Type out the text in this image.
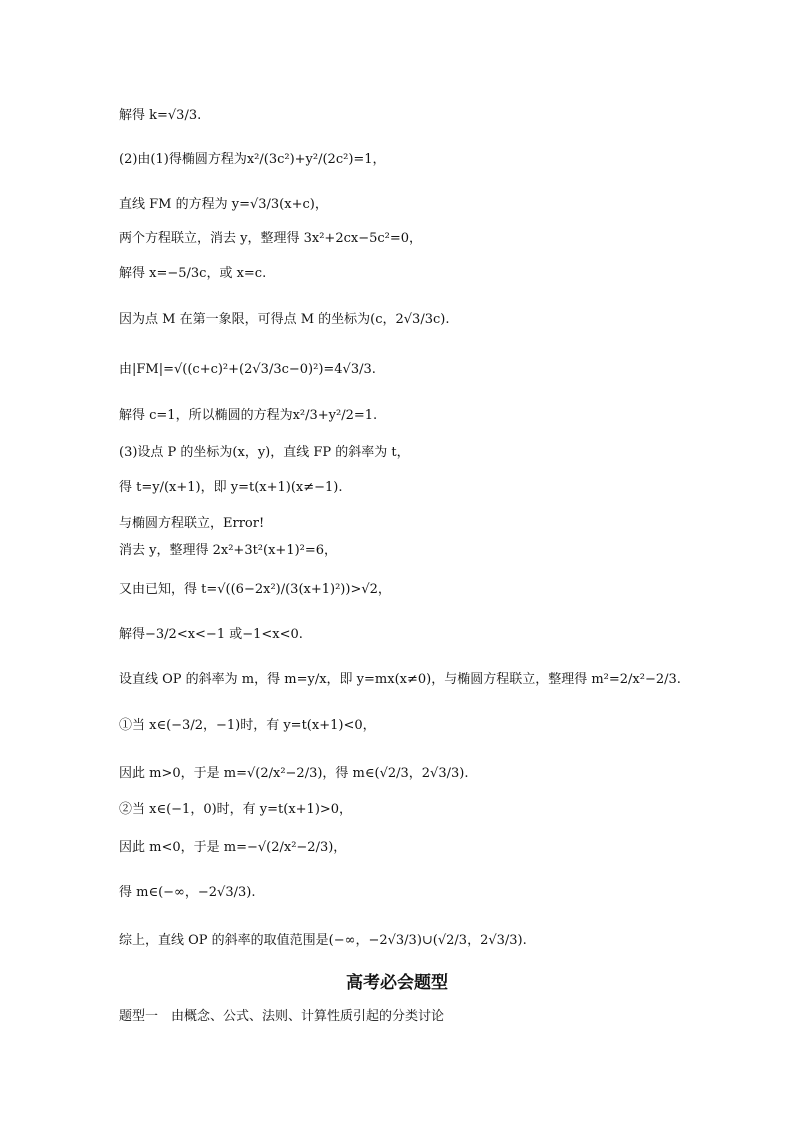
解得 k=√3/3.
(2)由(1)得椭圆方程为x²/(3c²)+y²/(2c²)=1，
直线 FM 的方程为 y=√3/3(x+c)，
两个方程联立，消去 y，整理得 3x²+2cx−5c²=0，
解得 x=−5/3c，或 x=c.
因为点 M 在第一象限，可得点 M 的坐标为(c，2√3/3c).
由|FM|=√((c+c)²+(2√3/3c−0)²)=4√3/3.
解得 c=1，所以椭圆的方程为x²/3+y²/2=1.
(3)设点 P 的坐标为(x，y)，直线 FP 的斜率为 t，
得 t=y/(x+1)，即 y=t(x+1)(x≠−1).
与椭圆方程联立，Error!
消去 y，整理得 2x²+3t²(x+1)²=6，
又由已知，得 t=√((6−2x²)/(3(x+1)²))>√2，
解得−3/2<x<−1 或−1<x<0.
设直线 OP 的斜率为 m，得 m=y/x，即 y=mx(x≠0)，与椭圆方程联立，整理得 m²=2/x²−2/3.
①当 x∈(−3/2，−1)时，有 y=t(x+1)<0，
因此 m>0，于是 m=√(2/x²−2/3)，得 m∈(√2/3，2√3/3).
②当 x∈(−1，0)时，有 y=t(x+1)>0，
因此 m<0，于是 m=−√(2/x²−2/3)，
得 m∈(−∞，−2√3/3).
综上，直线 OP 的斜率的取值范围是(−∞，−2√3/3)∪(√2/3，2√3/3).
高考必会题型
题型一　由概念、公式、法则、计算性质引起的分类讨论
